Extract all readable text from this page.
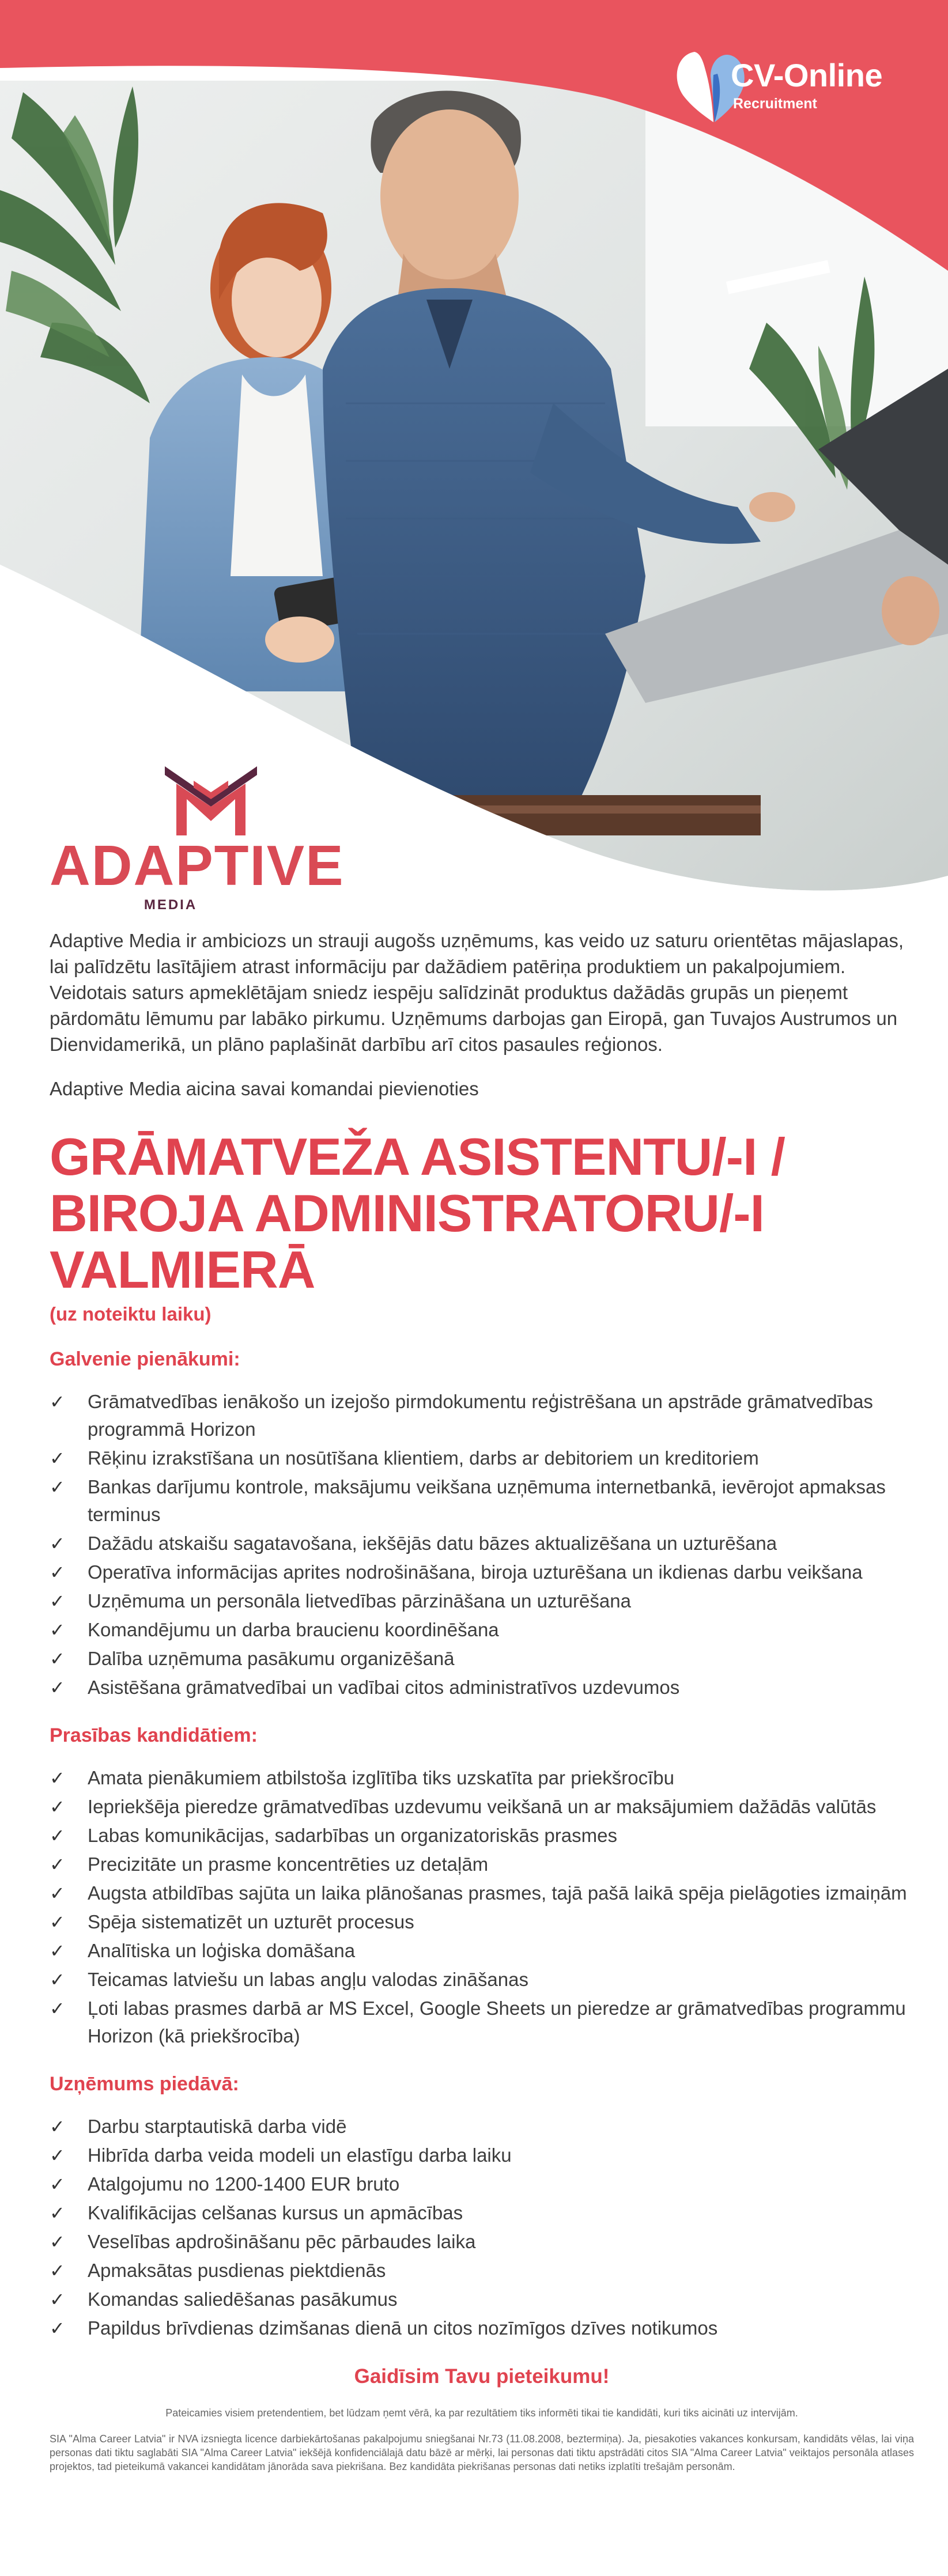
CV-Online
Recruitment
ADAPTIVE
MEDIA

Adaptive Media ir ambiciozs un strauji augošs uzņēmums, kas veido uz saturu orientētas mājaslapas, lai palīdzētu lasītājiem atrast informāciju par dažādiem patēriņa produktiem un pakalpojumiem. Veidotais saturs apmeklētājam sniedz iespēju salīdzināt produktus dažādās grupās un pieņemt pārdomātu lēmumu par labāko pirkumu. Uzņēmums darbojas gan Eiropā, gan Tuvajos Austrumos un Dienvidamerikā, un plāno paplašināt darbību arī citos pasaules reģionos.

Adaptive Media aicina savai komandai pievienoties

GRĀMATVEŽA ASISTENTU/-I /
BIROJA ADMINISTRATORU/-I
VALMIERĀ
(uz noteiktu laiku)
Galvenie pienākumi:
✓ Grāmatvedības ienākošo un izejošo pirmdokumentu reģistrēšana un apstrāde grāmatvedības programmā Horizon
✓ Rēķinu izrakstīšana un nosūtīšana klientiem, darbs ar debitoriem un kreditoriem
✓ Bankas darījumu kontrole, maksājumu veikšana uzņēmuma internetbankā, ievērojot apmaksas terminus
✓ Dažādu atskaišu sagatavošana, iekšējās datu bāzes aktualizēšana un uzturēšana
✓ Operatīva informācijas aprites nodrošināšana, biroja uzturēšana un ikdienas darbu veikšana
✓ Uzņēmuma un personāla lietvedības pārzināšana un uzturēšana
✓ Komandējumu un darba braucienu koordinēšana
✓ Dalība uzņēmuma pasākumu organizēšanā
✓ Asistēšana grāmatvedībai un vadībai citos administratīvos uzdevumos
Prasības kandidātiem:
✓ Amata pienākumiem atbilstoša izglītība tiks uzskatīta par priekšrocību
✓ Iepriekšēja pieredze grāmatvedības uzdevumu veikšanā un ar maksājumiem dažādās valūtās
✓ Labas komunikācijas, sadarbības un organizatoriskās prasmes
✓ Precizitāte un prasme koncentrēties uz detaļām
✓ Augsta atbildības sajūta un laika plānošanas prasmes, tajā pašā laikā spēja pielāgoties izmaiņām
✓ Spēja sistematizēt un uzturēt procesus
✓ Analītiska un loģiska domāšana
✓ Teicamas latviešu un labas angļu valodas zināšanas
✓ Ļoti labas prasmes darbā ar MS Excel, Google Sheets un pieredze ar grāmatvedības programmu Horizon (kā priekšrocība)
Uzņēmums piedāvā:
✓ Darbu starptautiskā darba vidē
✓ Hibrīda darba veida modeli un elastīgu darba laiku
✓ Atalgojumu no 1200-1400 EUR bruto
✓ Kvalifikācijas celšanas kursus un apmācības
✓ Veselības apdrošināšanu pēc pārbaudes laika
✓ Apmaksātas pusdienas piektdienās
✓ Komandas saliedēšanas pasākumus
✓ Papildus brīvdienas dzimšanas dienā un citos nozīmīgos dzīves notikumos
Gaidīsim Tavu pieteikumu!

Pateicamies visiem pretendentiem, bet lūdzam ņemt vērā, ka par rezultātiem tiks informēti tikai tie kandidāti, kuri tiks aicināti uz intervijām.

SIA "Alma Career Latvia" ir NVA izsniegta licence darbiekārtošanas pakalpojumu sniegšanai Nr.73 (11.08.2008, beztermiņa). Ja, piesakoties vakances konkursam, kandidāts vēlas, lai viņa personas dati tiktu saglabāti SIA "Alma Career Latvia" iekšējā konfidenciālajā datu bāzē ar mērķi, lai personas dati tiktu apstrādāti citos SIA "Alma Career Latvia" veiktajos personāla atlases projektos, tad pieteikumā vakancei kandidātam jānorāda sava piekrišana. Bez kandidāta piekrišanas personas dati netiks izplatīti trešajām personām.
